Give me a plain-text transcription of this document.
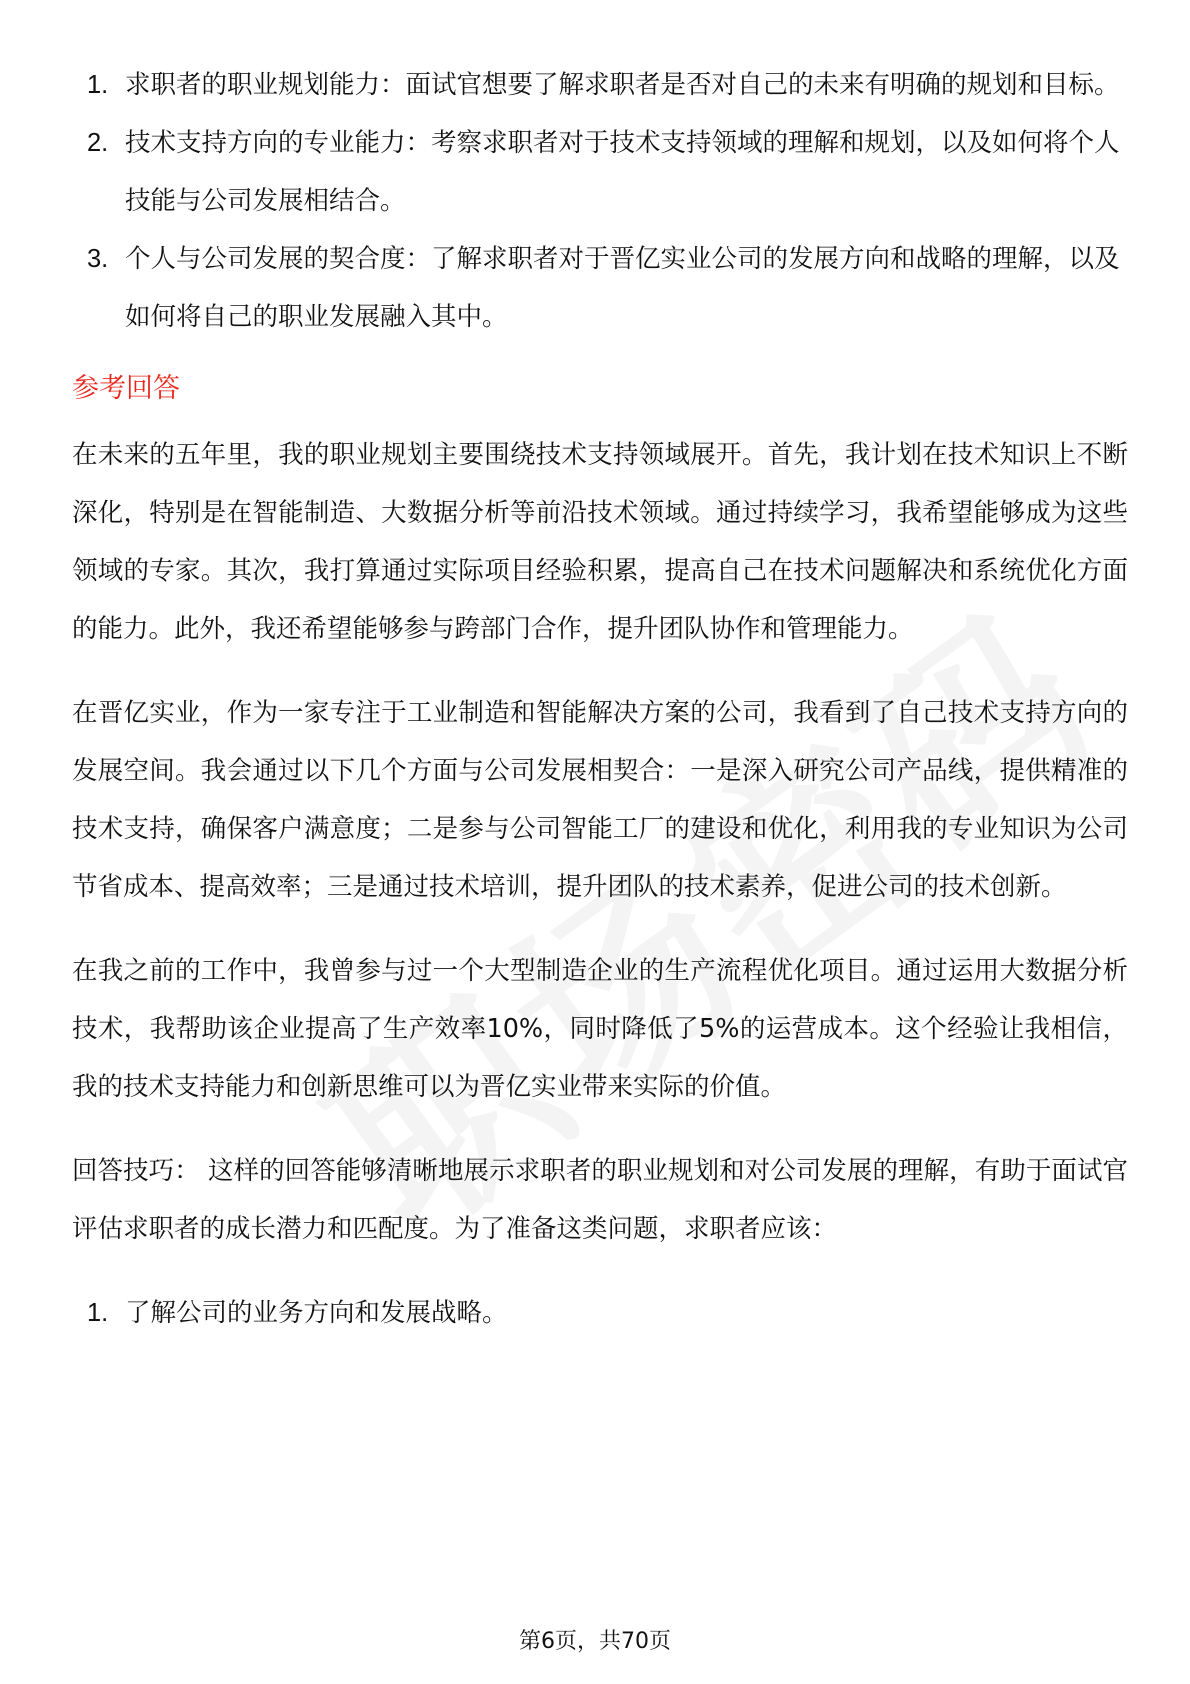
1. 求职者的职业规划能力：面试官想要了解求职者是否对自己的未来有明确的规划和目标。
2. 技术支持方向的专业能力：考察求职者对于技术支持领域的理解和规划，以及如何将个人技能与公司发展相结合。
3. 个人与公司发展的契合度：了解求职者对于晋亿实业公司的发展方向和战略的理解，以及如何将自己的职业发展融入其中。
参考回答

在未来的五年里，我的职业规划主要围绕技术支持领域展开。首先，我计划在技术知识上不断深化，特别是在智能制造、大数据分析等前沿技术领域。通过持续学习，我希望能够成为这些领域的专家。其次，我打算通过实际项目经验积累，提高自己在技术问题解决和系统优化方面的能力。此外，我还希望能够参与跨部门合作，提升团队协作和管理能力。

在晋亿实业，作为一家专注于工业制造和智能解决方案的公司，我看到了自己技术支持方向的发展空间。我会通过以下几个方面与公司发展相契合：一是深入研究公司产品线，提供精准的技术支持，确保客户满意度；二是参与公司智能工厂的建设和优化，利用我的专业知识为公司节省成本、提高效率；三是通过技术培训，提升团队的技术素养，促进公司的技术创新。

在我之前的工作中，我曾参与过一个大型制造企业的生产流程优化项目。通过运用大数据分析技术，我帮助该企业提高了生产效率10%，同时降低了5%的运营成本。这个经验让我相信，我的技术支持能力和创新思维可以为晋亿实业带来实际的价值。

回答技巧： 这样的回答能够清晰地展示求职者的职业规划和对公司发展的理解，有助于面试官评估求职者的成长潜力和匹配度。为了准备这类问题，求职者应该：

1. 了解公司的业务方向和发展战略。
第6页，共70页
